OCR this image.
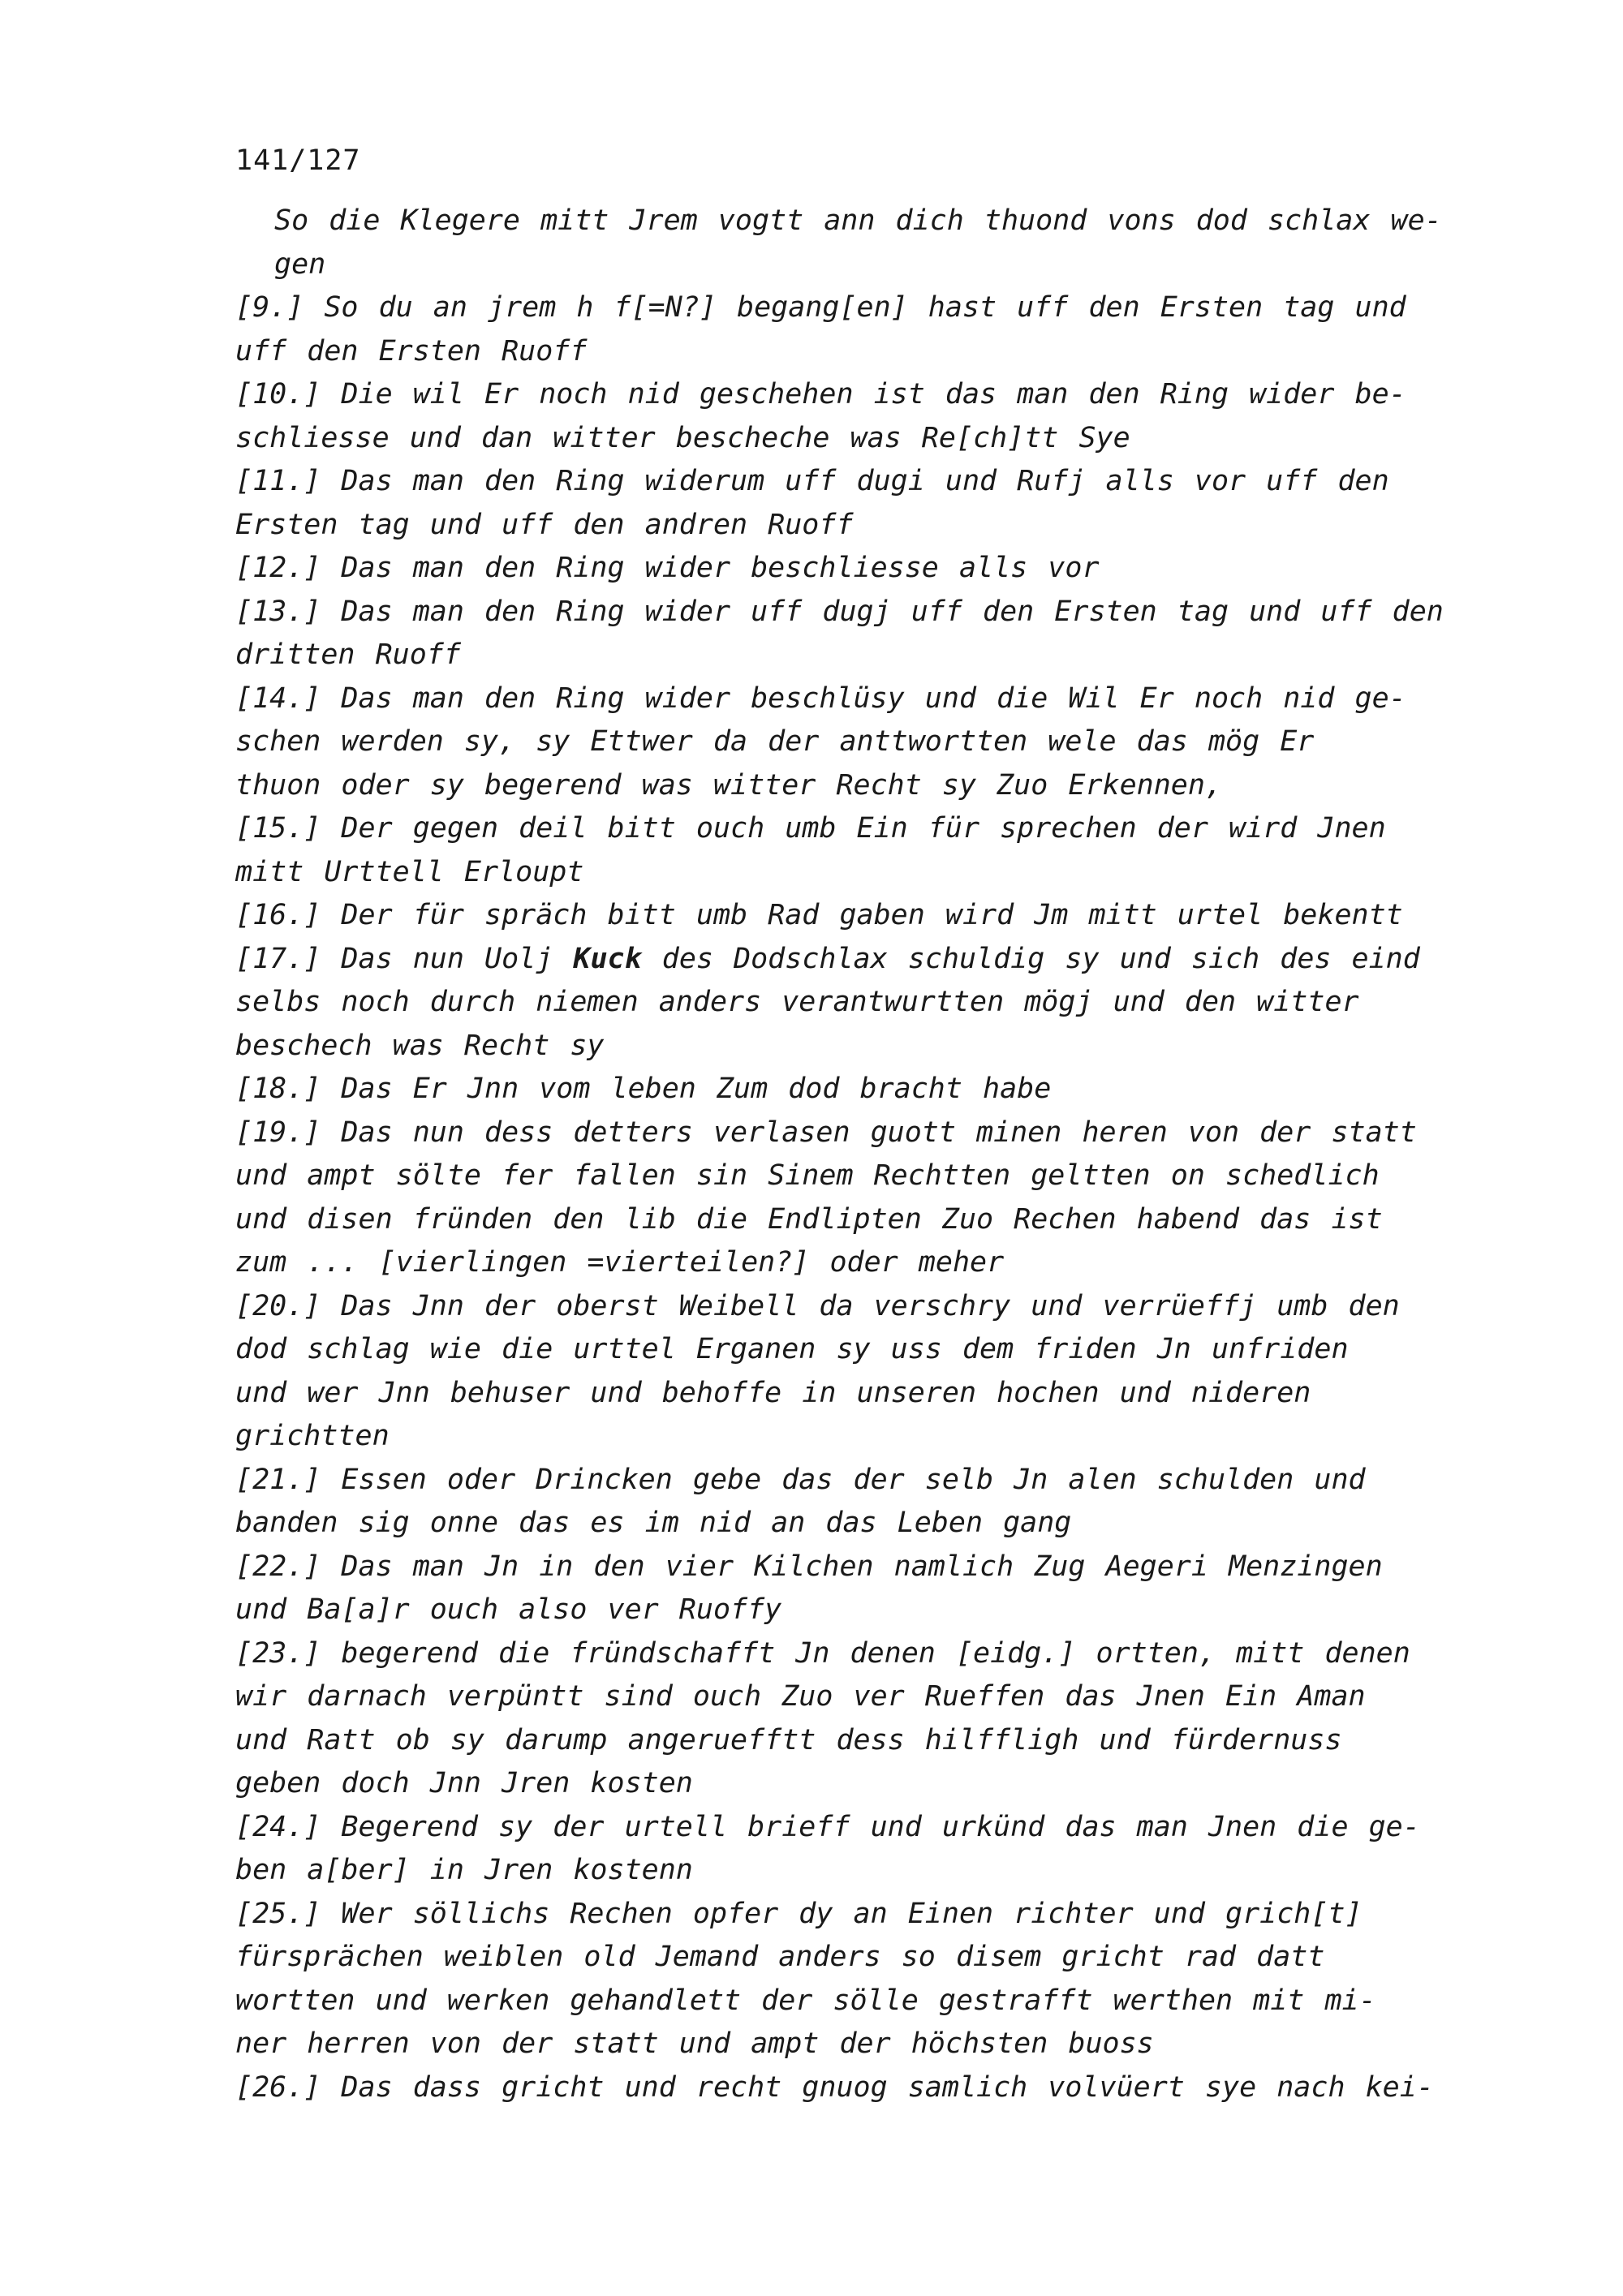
141/127
So die Klegere mitt Jrem vogtt ann dich thuond vons dod schlax we-
gen
[9.] So du an jrem h f[=N?] begang[en] hast uff den Ersten tag und
uff den Ersten Ruoff
[10.] Die wil Er noch nid geschehen ist das man den Ring wider be-
schliesse und dan witter bescheche was Re[ch]tt Sye
[11.] Das man den Ring widerum uff dugi und Rufj alls vor uff den
Ersten tag und uff den andren Ruoff
[12.] Das man den Ring wider beschliesse alls vor
[13.] Das man den Ring wider uff dugj uff den Ersten tag und uff den
dritten Ruoff
[14.] Das man den Ring wider beschlüsy und die Wil Er noch nid ge-
schen werden sy, sy Ettwer da der anttwortten wele das mög Er
thuon oder sy begerend was witter Recht sy Zuo Erkennen,
[15.] Der gegen deil bitt ouch umb Ein für sprechen der wird Jnen
mitt Urttell Erloupt
[16.] Der für spräch bitt umb Rad gaben wird Jm mitt urtel bekentt
[17.] Das nun Uolj Kuck des Dodschlax schuldig sy und sich des eind
selbs noch durch niemen anders verantwurtten mögj und den witter
beschech was Recht sy
[18.] Das Er Jnn vom leben Zum dod bracht habe
[19.] Das nun dess detters verlasen guott minen heren von der statt
und ampt sölte fer fallen sin Sinem Rechtten geltten on schedlich
und disen fründen den lib die Endlipten Zuo Rechen habend das ist
zum ... [vierlingen =vierteilen?] oder meher
[20.] Das Jnn der oberst Weibell da verschry und verrüeffj umb den
dod schlag wie die urttel Erganen sy uss dem friden Jn unfriden
und wer Jnn behuser und behoffe in unseren hochen und nideren
grichtten
[21.] Essen oder Drincken gebe das der selb Jn alen schulden und
banden sig onne das es im nid an das Leben gang
[22.] Das man Jn in den vier Kilchen namlich Zug Aegeri Menzingen
und Ba[a]r ouch also ver Ruoffy
[23.] begerend die fründschafft Jn denen [eidg.] ortten, mitt denen
wir darnach verpüntt sind ouch Zuo ver Rueffen das Jnen Ein Aman
und Ratt ob sy darump angeruefftt dess hilffligh und fürdernuss
geben doch Jnn Jren kosten
[24.] Begerend sy der urtell brieff und urkünd das man Jnen die ge-
ben a[ber] in Jren kostenn
[25.] Wer söllichs Rechen opfer dy an Einen richter und grich[t]
fürsprächen weiblen old Jemand anders so disem gricht rad datt
wortten und werken gehandlett der sölle gestrafft werthen mit mi-
ner herren von der statt und ampt der höchsten buoss
[26.] Das dass gricht und recht gnuog samlich volvüert sye nach kei-
